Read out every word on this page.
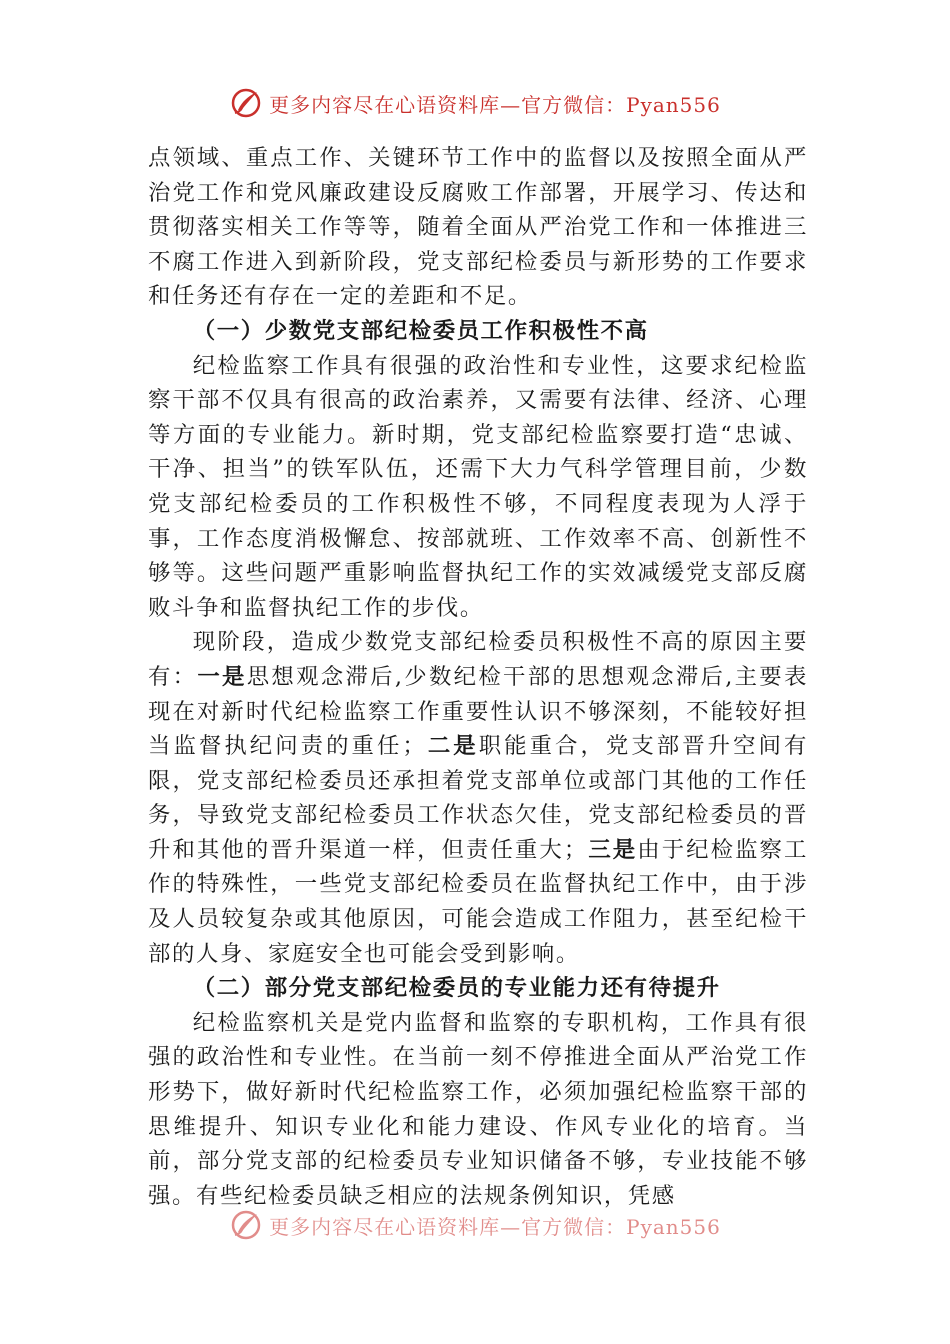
更多内容尽在心语资料库—官方微信：Pyan556

点领域、重点工作、关键环节工作中的监督以及按照全面从严治党工作和党风廉政建设反腐败工作部署，开展学习、传达和贯彻落实相关工作等等，随着全面从严治党工作和一体推进三不腐工作进入到新阶段，党支部纪检委员与新形势的工作要求和任务还有存在一定的差距和不足。

（一）少数党支部纪检委员工作积极性不高

纪检监察工作具有很强的政治性和专业性，这要求纪检监察干部不仅具有很高的政治素养，又需要有法律、经济、心理等方面的专业能力。新时期，党支部纪检监察要打造“忠诚、干净、担当”的铁军队伍，还需下大力气科学管理目前，少数党支部纪检委员的工作积极性不够，不同程度表现为人浮于事，工作态度消极懈怠、按部就班、工作效率不高、创新性不够等。这些问题严重影响监督执纪工作的实效减缓党支部反腐败斗争和监督执纪工作的步伐。

现阶段，造成少数党支部纪检委员积极性不高的原因主要有：一是思想观念滞后,少数纪检干部的思想观念滞后,主要表现在对新时代纪检监察工作重要性认识不够深刻，不能较好担当监督执纪问责的重任；二是职能重合，党支部晋升空间有限，党支部纪检委员还承担着党支部单位或部门其他的工作任务，导致党支部纪检委员工作状态欠佳，党支部纪检委员的晋升和其他的晋升渠道一样，但责任重大；三是由于纪检监察工作的特殊性，一些党支部纪检委员在监督执纪工作中，由于涉及人员较复杂或其他原因，可能会造成工作阻力，甚至纪检干部的人身、家庭安全也可能会受到影响。

（二）部分党支部纪检委员的专业能力还有待提升

纪检监察机关是党内监督和监察的专职机构，工作具有很强的政治性和专业性。在当前一刻不停推进全面从严治党工作形势下，做好新时代纪检监察工作，必须加强纪检监察干部的思维提升、知识专业化和能力建设、作风专业化的培育。当前，部分党支部的纪检委员专业知识储备不够，专业技能不够强。有些纪检委员缺乏相应的法规条例知识，凭感

更多内容尽在心语资料库—官方微信：Pyan556
